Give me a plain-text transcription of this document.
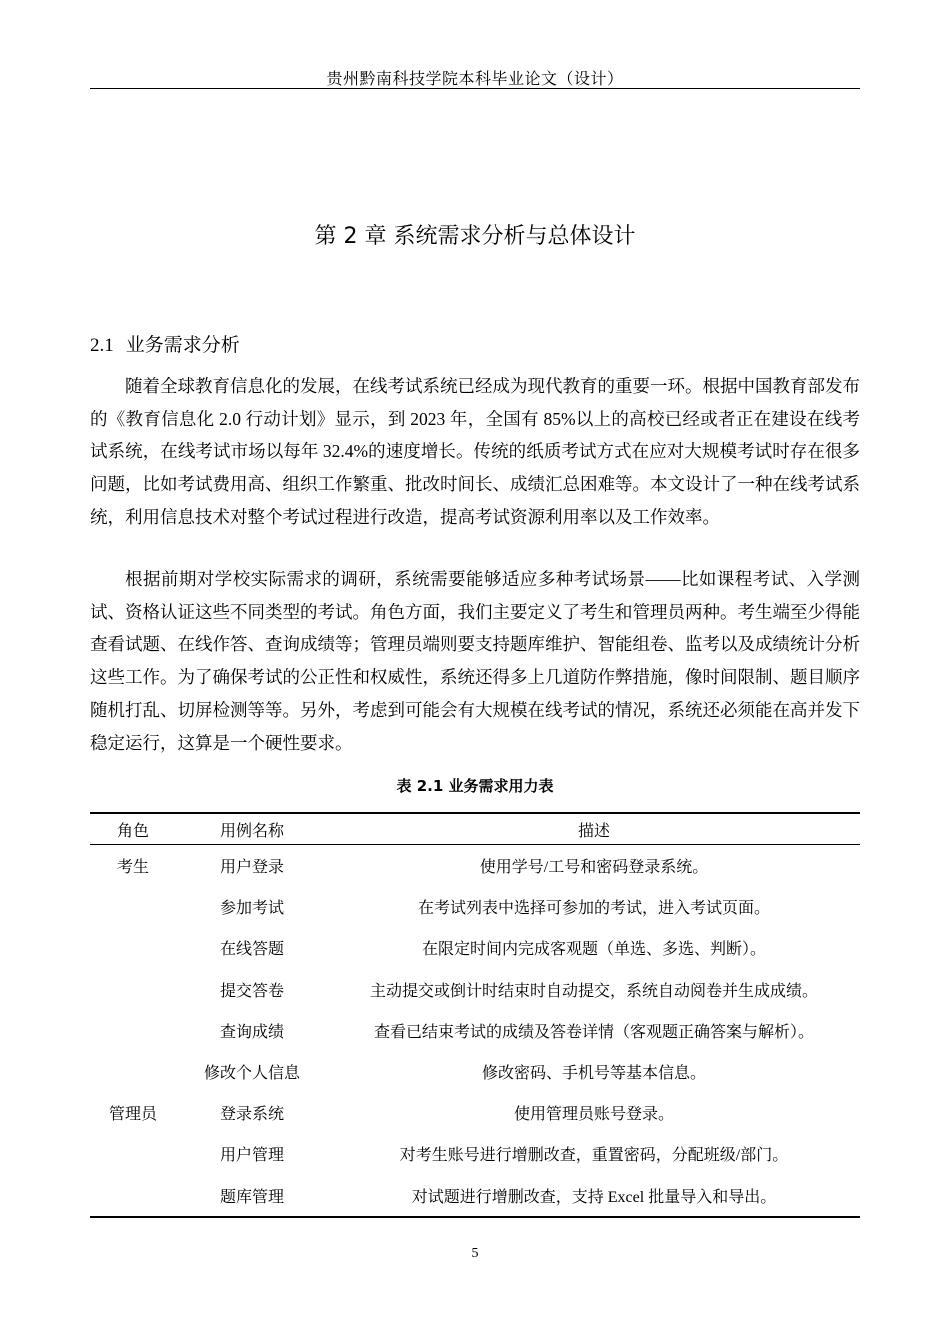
贵州黔南科技学院本科毕业论文（设计）
第 2 章 系统需求分析与总体设计
2.1 业务需求分析

随着全球教育信息化的发展，在线考试系统已经成为现代教育的重要一环。根据中国教育部发布的《教育信息化 2.0 行动计划》显示，到 2023 年，全国有 85%以上的高校已经或者正在建设在线考试系统，在线考试市场以每年 32.4%的速度增长。传统的纸质考试方式在应对大规模考试时存在很多问题，比如考试费用高、组织工作繁重、批改时间长、成绩汇总困难等。本文设计了一种在线考试系统，利用信息技术对整个考试过程进行改造，提高考试资源利用率以及工作效率。

根据前期对学校实际需求的调研，系统需要能够适应多种考试场景——比如课程考试、入学测试、资格认证这些不同类型的考试。角色方面，我们主要定义了考生和管理员两种。考生端至少得能查看试题、在线作答、查询成绩等；管理员端则要支持题库维护、智能组卷、监考以及成绩统计分析这些工作。为了确保考试的公正性和权威性，系统还得多上几道防作弊措施，像时间限制、题目顺序随机打乱、切屏检测等等。另外，考虑到可能会有大规模在线考试的情况，系统还必须能在高并发下稳定运行，这算是一个硬性要求。

表 2.1 业务需求用力表
角色	用例名称	描述
考生	用户登录	使用学号/工号和密码登录系统。
	参加考试	在考试列表中选择可参加的考试，进入考试页面。
	在线答题	在限定时间内完成客观题（单选、多选、判断）。
	提交答卷	主动提交或倒计时结束时自动提交，系统自动阅卷并生成成绩。
	查询成绩	查看已结束考试的成绩及答卷详情（客观题正确答案与解析）。
	修改个人信息	修改密码、手机号等基本信息。
管理员	登录系统	使用管理员账号登录。
	用户管理	对考生账号进行增删改查，重置密码，分配班级/部门。
	题库管理	对试题进行增删改查，支持 Excel 批量导入和导出。
5
